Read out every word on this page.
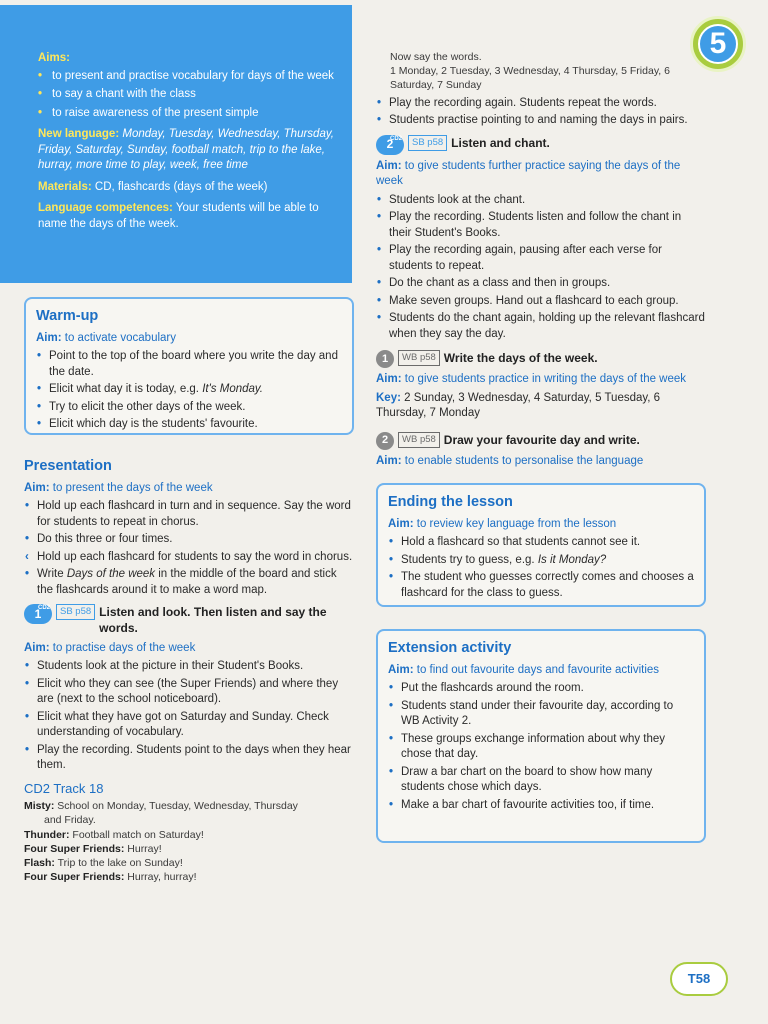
Aims:
• to present and practise vocabulary for days of the week
• to say a chant with the class
• to raise awareness of the present simple

New language: Monday, Tuesday, Wednesday, Thursday, Friday, Saturday, Sunday, football match, trip to the lake, hurray, more time to play, week, free time

Materials: CD, flashcards (days of the week)

Language competences: Your students will be able to name the days of the week.

Warm-up
Aim: to activate vocabulary
• Point to the top of the board where you write the day and the date.
• Elicit what day it is today, e.g. It's Monday.
• Try to elicit the other days of the week.
• Elicit which day is the students' favourite.
Presentation
Aim: to present the days of the week
• Hold up each flashcard in turn and in sequence. Say the word for students to repeat in chorus.
• Do this three or four times.
‹ Hold up each flashcard for students to say the word in chorus.
• Write Days of the week in the middle of the board and stick the flashcards around it to make a word map.
1
CD2	SB p58 Listen and look. Then listen and say the words.
Aim: to practise days of the week
• Students look at the picture in their Student's Books.
• Elicit who they can see (the Super Friends) and where they are (next to the school noticeboard).
• Elicit what they have got on Saturday and Sunday. Check understanding of vocabulary.
• Play the recording. Students point to the days when they hear them.
CD2 Track 18
Misty: School on Monday, Tuesday, Wednesday, Thursday
and Friday.
Thunder: Football match on Saturday!
Four Super Friends: Hurray!
Flash: Trip to the lake on Sunday!
Four Super Friends: Hurray, hurray!
Now say the words.
1 Monday, 2 Tuesday, 3 Wednesday, 4 Thursday, 5 Friday, 6 Saturday, 7 Sunday
• Play the recording again. Students repeat the words.
• Students practise pointing to and naming the days in pairs.
2
CD2	SB p58 Listen and chant.
Aim: to give students further practice saying the days of the week
• Students look at the chant.
• Play the recording. Students listen and follow the chant in their Student's Books.
• Play the recording again, pausing after each verse for students to repeat.
• Do the chant as a class and then in groups.
• Make seven groups. Hand out a flashcard to each group.
• Students do the chant again, holding up the relevant flashcard when they say the day.
1	WB p58 Write the days of the week.
Aim: to give students practice in writing the days of the week
Key: 2 Sunday, 3 Wednesday, 4 Saturday, 5 Tuesday, 6 Thursday, 7 Monday
2	WB p58 Draw your favourite day and write.
Aim: to enable students to personalise the language
Ending the lesson
Aim: to review key language from the lesson
• Hold a flashcard so that students cannot see it.
• Students try to guess, e.g. Is it Monday?
• The student who guesses correctly comes and chooses a flashcard for the class to guess.
Extension activity
Aim: to find out favourite days and favourite activities
• Put the flashcards around the room.
• Students stand under their favourite day, according to WB Activity 2.
• These groups exchange information about why they chose that day.
• Draw a bar chart on the board to show how many students chose which days.
• Make a bar chart of favourite activities too, if time.
5
T58
